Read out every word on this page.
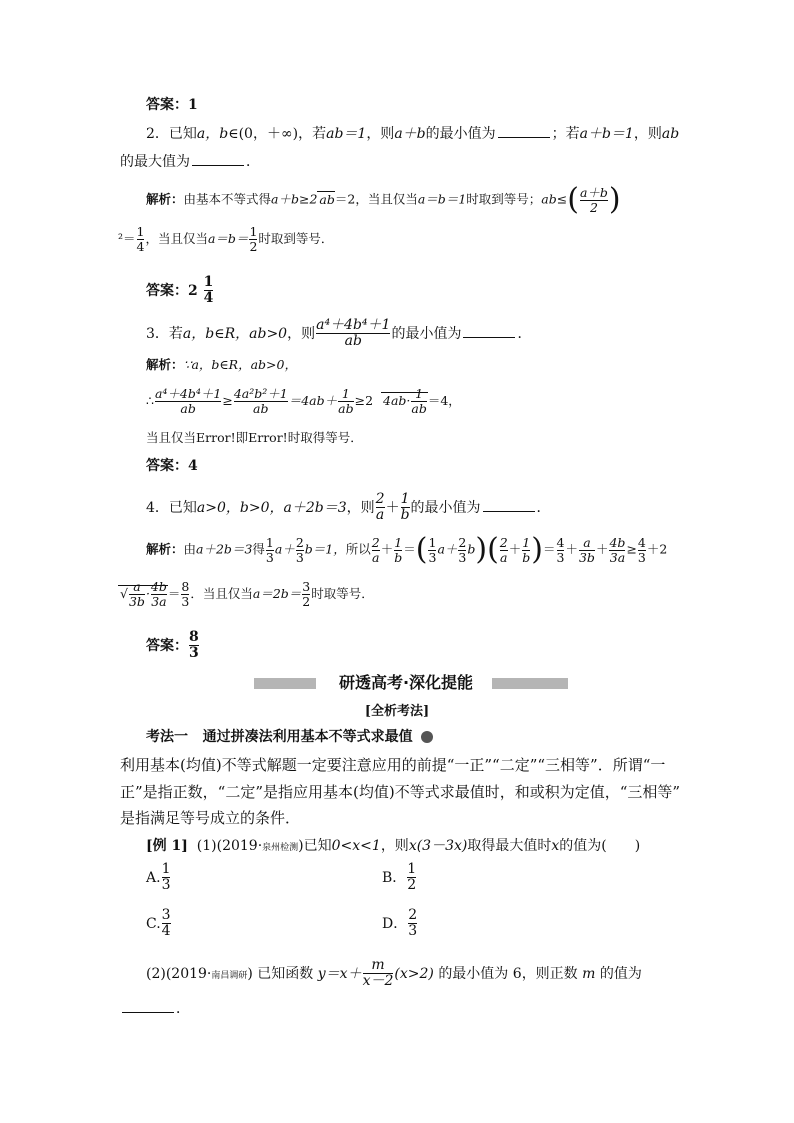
答案：1
2．已知a，b∈(0，＋∞)，若ab＝1，则a＋b的最小值为	；若a＋b＝1，则ab
的最大值为	．
解析：由基本不等式得a＋b≥2 ab＝2，当且仅当a＝b＝1时取到等号；$ab\le( \frac{a+b}{2}$ )
$^2= \frac{1}{4}$ ，当且仅当$a=b= \frac{1}{2}$ 时取到等号．
答案：$2 \frac{1}{4}$
3．若a，b∈R，ab>0，则 $\frac{\text{a⁴＋4b⁴＋1}}{ab}$ 的最小值为	．
解析：∵a，b∈R，ab>0，
∴ $\frac{\text{a⁴＋4b⁴＋1}}{ab} \ge \frac{\text{4a²b²＋1}}{ab} =4ab+ \frac{1}{ab} \ge 2$ $4ab\cdot \frac{1}{ab} =4$，
当且仅当Error!即Error!时取得等号．
答案：4
4．已知a>0，b>0，a＋2b＝3，则 $\frac{2}{a} + \frac{1}{b}$ 的最小值为	．
解析：由a＋2b＝3得 $\frac{1}{3} a+ \frac{2}{3} b=1$，所以 $\frac{2}{a} + \frac{1}{b}$ ＝( $\frac{1}{3} a+ \frac{2}{3} b)( \frac{2}{a} + \frac{1}{b}$ )＝ $\frac{4}{3} + \frac{a}{3b} + \frac{4b}{3a} \ge \frac{4}{3} +2$
√ $\frac{a}{3b} \cdot \frac{4b}{3a} = \frac{8}{3}$ ．当且仅当$a=2b= \frac{3}{2}$ 时取等号．
答案： $\frac{8}{3}$
研透高考·深化提能
[全析考法]
考法一 通过拼凑法利用基本不等式求最值
利用基本(均值)不等式解题一定要注意应用的前提“一正”“二定”“三相等”．所谓“一
正”是指正数，“二定”是指应用基本(均值)不等式求最值时，和或积为定值，“三相等”
是指满足等号成立的条件．
[例 1] (1)(2019·泉州检测)已知0<x<1，则x(3－3x)取得最大值时x的值为(　　)
A. $\frac{1}{3}$	B． $\frac{1}{2}$
C. $\frac{3}{4}$	D． $\frac{2}{3}$
(2)(2019·南昌调研) 已知函数 $y=x+ \frac{m}{x-2} (x>2)$ 的最小值为 6，则正数 m 的值为
．
